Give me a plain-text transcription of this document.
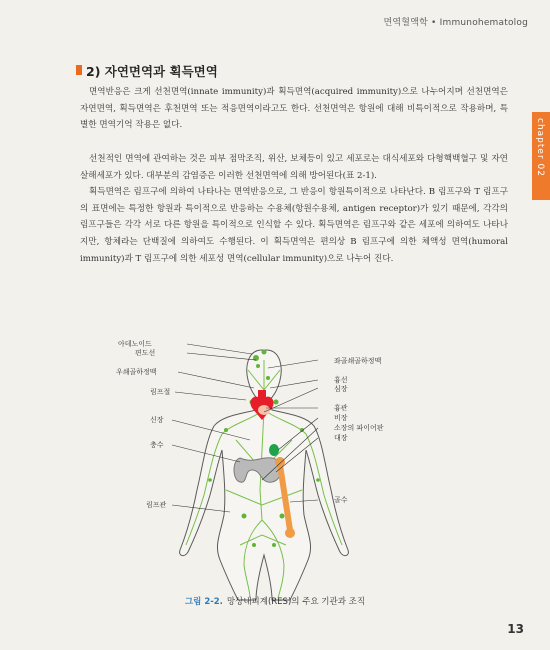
면역혈액학 • Immunohematolog
chapter 02
2) 자연면역과 획득면역

면역반응은 크게 선천면역(innate immunity)과 획득면역(acquired immunity)으로 나누어지며 선천면역은 자연면역, 획득면역은 후천면역 또는 적응면역이라고도 한다. 선천면역은 항원에 대해 비특이적으로 작용하며, 특별한 면역기억 작용은 없다.

선천적인 면역에 관여하는 것은 피부 점막조직, 위산, 보체등이 있고 세포로는 대식세포와 다형핵백혈구 및 자연살해세포가 있다. 대부분의 감염증은 이러한 선천면역에 의해 방어된다(표 2-1).

획득면역은 림프구에 의하여 나타나는 면역반응으로, 그 반응이 항원특이적으로 나타난다. B 림프구와 T 림프구의 표면에는 특정한 항원과 특이적으로 반응하는 수용체(항원수용체, antigen receptor)가 있기 때문에, 각각의 림프구들은 각각 서로 다른 항원을 특이적으로 인식할 수 있다. 획득면역은 림프구와 같은 세포에 의하여도 나타나지만, 항체라는 단백질에 의하여도 수행된다. 이 획득면역은 편의상 B 림프구에 의한 체액성 면역(humoral immunity)과 T 림프구에 의한 세포성 면역(cellular immunity)으로 나누어 진다.

아데노이드
편도선
우쇄골하정맥
림프절
신장
충수
림프관
좌골쇄골하정맥
흉선
심장
흉관
비장
소장의 파이어판
대장
골수
그림 2-2. 망상내피계(RES)의 주요 기관과 조직
13
